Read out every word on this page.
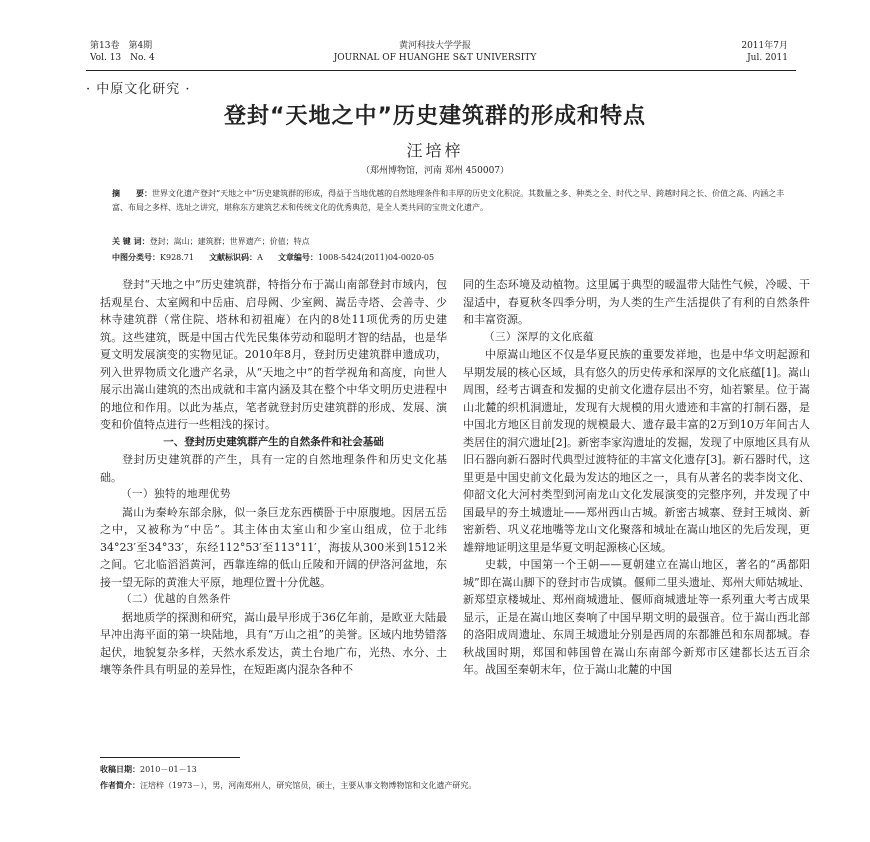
第13卷　第4期
Vol. 13　No. 4
黄河科技大学学报
JOURNAL OF HUANGHE S&T UNIVERSITY
2011年7月
Jul. 2011
· 中原文化研究 ·
登封“天地之中”历史建筑群的形成和特点
汪培梓
（郑州博物馆，河南 郑州 450007）
摘　　要：世界文化遗产登封“天地之中”历史建筑群的形成，得益于当地优越的自然地理条件和丰厚的历史文化积淀。其数量之多、种类之全、时代之早、跨越时间之长、价值之高、内涵之丰富、布局之多样、选址之讲究，堪称东方建筑艺术和传统文化的优秀典范，是全人类共同的宝贵文化遗产。
关 键 词：登封；嵩山；建筑群；世界遗产；价值；特点
中图分类号：K928.71 文献标识码：A 文章编号：1008-5424(2011)04-0020-05

登封“天地之中”历史建筑群，特指分布于嵩山南部登封市域内，包括观星台、太室阙和中岳庙、启母阙、少室阙、嵩岳寺塔、会善寺、少林寺建筑群（常住院、塔林和初祖庵）在内的8处11项优秀的历史建筑。这些建筑，既是中国古代先民集体劳动和聪明才智的结晶，也是华夏文明发展演变的实物见证。2010年8月，登封历史建筑群申遗成功，列入世界物质文化遗产名录，从“天地之中”的哲学视角和高度，向世人展示出嵩山建筑的杰出成就和丰富内涵及其在整个中华文明历史进程中的地位和作用。以此为基点，笔者就登封历史建筑群的形成、发展、演变和价值特点进行一些粗浅的探讨。

一、登封历史建筑群产生的自然条件和社会基础

登封历史建筑群的产生，具有一定的自然地理条件和历史文化基础。

（一）独特的地理优势

嵩山为秦岭东部余脉，似一条巨龙东西横卧于中原腹地。因居五岳之中，又被称为“中岳”。其主体由太室山和少室山组成，位于北纬34°23′至34°33′，东经112°53′至113°11′，海拔从300米到1512米之间。它北临滔滔黄河，西靠连绵的低山丘陵和开阔的伊洛河盆地，东接一望无际的黄淮大平原，地理位置十分优越。

（二）优越的自然条件

据地质学的探测和研究，嵩山最早形成于36亿年前，是欧亚大陆最早冲出海平面的第一块陆地，具有“万山之祖”的美誉。区域内地势错落起伏，地貌复杂多样，天然水系发达，黄土台地广布，光热、水分、土壤等条件具有明显的差异性，在短距离内混杂各种不

同的生态环境及动植物。这里属于典型的暖温带大陆性气候，冷暖、干湿适中，春夏秋冬四季分明，为人类的生产生活提供了有利的自然条件和丰富资源。

（三）深厚的文化底蕴

中原嵩山地区不仅是华夏民族的重要发祥地，也是中华文明起源和早期发展的核心区域，具有悠久的历史传承和深厚的文化底蕴[1]。嵩山周围，经考古调查和发掘的史前文化遗存层出不穷，灿若繁星。位于嵩山北麓的织机洞遗址，发现有大规模的用火遗迹和丰富的打制石器，是中国北方地区目前发现的规模最大、遗存最丰富的2万到10万年间古人类居住的洞穴遗址[2]。新密李家沟遗址的发掘，发现了中原地区具有从旧石器向新石器时代典型过渡特征的丰富文化遗存[3]。新石器时代，这里更是中国史前文化最为发达的地区之一，具有从著名的裴李岗文化、仰韶文化大河村类型到河南龙山文化发展演变的完整序列，并发现了中国最早的夯土城遗址——郑州西山古城。新密古城寨、登封王城岗、新密新砦、巩义花地嘴等龙山文化聚落和城址在嵩山地区的先后发现，更雄辩地证明这里是华夏文明起源核心区域。

史载，中国第一个王朝——夏朝建立在嵩山地区，著名的“禹都阳城”即在嵩山脚下的登封市告成镇。偃师二里头遗址、郑州大师姑城址、新郑望京楼城址、郑州商城遗址、偃师商城遗址等一系列重大考古成果显示，正是在嵩山地区奏响了中国早期文明的最强音。位于嵩山西北部的洛阳成周遗址、东周王城遗址分别是西周的东都雒邑和东周都城。春秋战国时期，郑国和韩国曾在嵩山东南部今新郑市区建都长达五百余年。战国至秦朝末年，位于嵩山北麓的中国

收稿日期：2010－01－13
作者简介：汪培梓（1973－），男，河南郑州人，研究馆员，硕士，主要从事文物博物馆和文化遗产研究。
